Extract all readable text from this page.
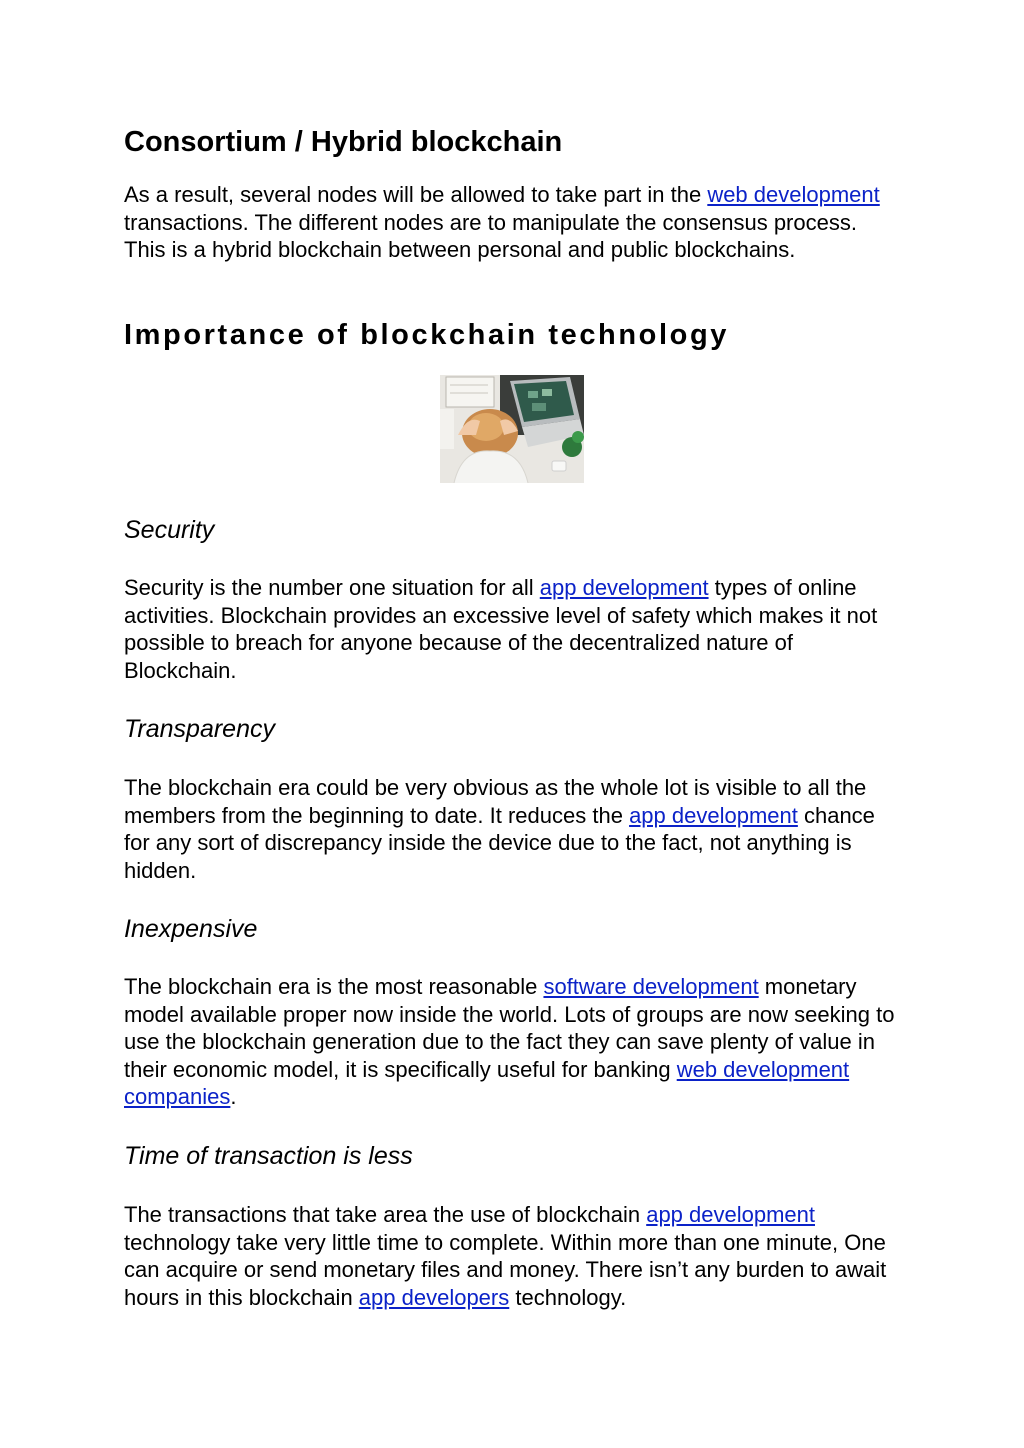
Consortium / Hybrid blockchain

As a result, several nodes will be allowed to take part in the web development transactions. The different nodes are to manipulate the consensus process. This is a hybrid blockchain between personal and public blockchains.

Importance of blockchain technology
Security

Security is the number one situation for all app development types of online activities. Blockchain provides an excessive level of safety which makes it not possible to breach for anyone because of the decentralized nature of Blockchain.

Transparency

The blockchain era could be very obvious as the whole lot is visible to all the members from the beginning to date. It reduces the app development chance for any sort of discrepancy inside the device due to the fact, not anything is hidden.

Inexpensive

The blockchain era is the most reasonable software development monetary model available proper now inside the world. Lots of groups are now seeking to use the blockchain generation due to the fact they can save plenty of value in their economic model, it is specifically useful for banking web development companies.

Time of transaction is less

The transactions that take area the use of blockchain app development technology take very little time to complete. Within more than one minute, One can acquire or send monetary files and money. There isn’t any burden to await hours in this blockchain app developers technology.
